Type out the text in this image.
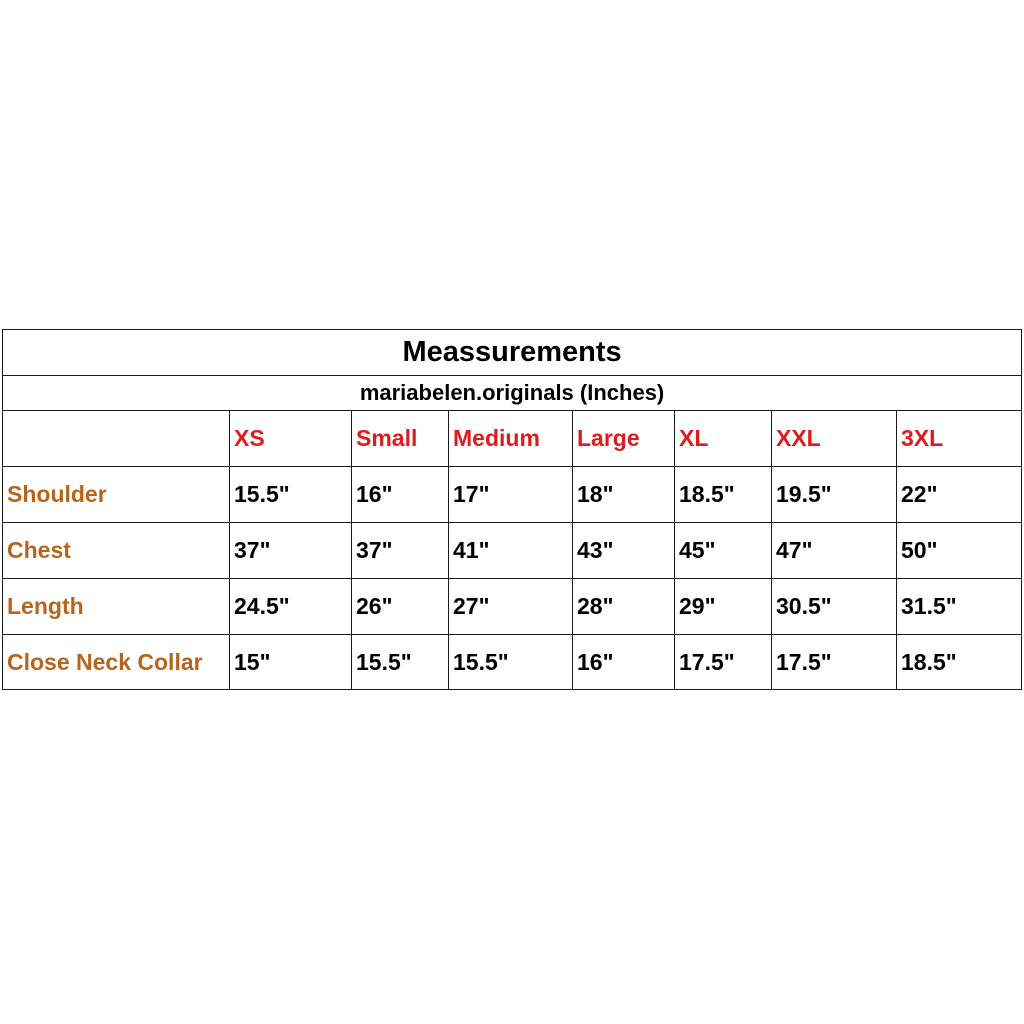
Meassurements							
mariabelen.originals (Inches)							
	XS	Small	Medium	Large	XL	XXL	3XL
Shoulder	15.5"	16"	17"	18"	18.5"	19.5"	22"
Chest	37"	37"	41"	43"	45"	47"	50"
Length	24.5"	26"	27"	28"	29"	30.5"	31.5"
Close Neck Collar	15"	15.5"	15.5"	16"	17.5"	17.5"	18.5"
